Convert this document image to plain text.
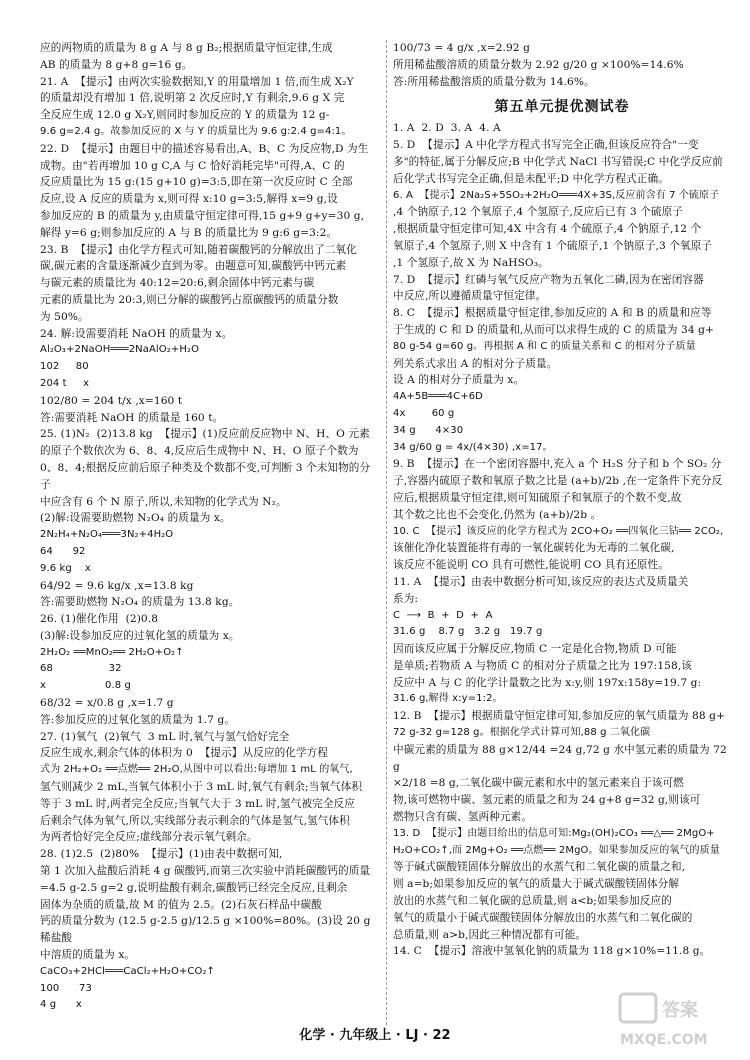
应的两物质的质量为 8 g A 与 8 g B₂;根据质量守恒定律,生成

AB 的质量为 8 g+8 g=16 g。

21. A  【提示】由两次实验数据知,Y 的用量增加 1 倍,而生成 X₂Y

的质量却没有增加 1 倍,说明第 2 次反应时,Y 有剩余,9.6 g X 完

全反应生成 12.0 g X₂Y,则同时参加反应的 Y 的质量为 12 g-

9.6 g=2.4 g。故参加反应的 X 与 Y 的质量比为 9.6 g:2.4 g=4:1。

22. D  【提示】由题目中的描述容易看出,A、B、C 为反应物,D 为生

成物。由"若再增加 10 g C,A 与 C 恰好消耗完毕"可得,A、C 的

反应质量比为 15 g:(15 g+10 g)=3:5,即在第一次反应时 C 全部

反应,设 A 反应的质量为 x,则可得 x:10 g=3:5,解得 x=9 g,设

参加反应的 B 的质量为 y,由质量守恒定律可得,15 g+9 g+y=30 g,

解得 y=6 g;则参加反应的 A 与 B 的质量比为 9 g:6 g=3:2。

23. B  【提示】由化学方程式可知,随着碳酸钙的分解放出了二氧化

碳,碳元素的含量逐渐减少直到为零。由题意可知,碳酸钙中钙元素

与碳元素的质量比为 40:12=20:6,剩余固体中钙元素与碳

元素的质量比为 20:3,则已分解的碳酸钙占原碳酸钙的质量分数

为 50%。

24. 解:设需要消耗 NaOH 的质量为 x。

Al₂O₃+2NaOH═══2NaAlO₂+H₂O

102     80

204 t     x

102/80 = 204 t/x ,x=160 t

答:需要消耗 NaOH 的质量是 160 t。

25. (1)N₂  (2)13.8 kg  【提示】(1)反应前反应物中 N、H、O 元素

的原子个数依次为 6、8、4,反应后生成物中 N、H、O 原子个数为

0、8、4;根据反应前后原子种类及个数都不变,可判断 3 个未知物的分子

中应含有 6 个 N 原子,所以,未知物的化学式为 N₂。

(2)解:设需要助燃物 N₂O₄ 的质量为 x。

2N₂H₄+N₂O₄═══3N₂+4H₂O

64      92

9.6 kg    x

64/92 = 9.6 kg/x ,x=13.8 kg

答:需要助燃物 N₂O₄ 的质量为 13.8 kg。

26. (1)催化作用  (2)0.8

(3)解:设参加反应的过氧化氢的质量为 x。

2H₂O₂ ══MnO₂══ 2H₂O+O₂↑

68                 32

x                  0.8 g

68/32 = x/0.8 g ,x=1.7 g

答:参加反应的过氧化氢的质量为 1.7 g。

27. (1)氧气  (2)氧气  3 mL 时,氧气与氢气恰好完全

反应生成水,剩余气体的体积为 0  【提示】从反应的化学方程

式为 2H₂+O₂ ══点燃══ 2H₂O,从图中可以看出:每增加 1 mL 的氧气,

氢气则减少 2 mL,当氧气体积小于 3 mL 时,氧气有剩余;当氧气体积

等于 3 mL 时,两者完全反应;当氧气大于 3 mL 时,氢气被完全反应

后剩余气体为氧气,所以,实线部分表示剩余的气体是氢气,氢气体积

为两者恰好完全反应;虚线部分表示氧气剩余。

28. (1)2.5  (2)80%  【提示】(1)由表中数据可知,

第 1 次加入盐酸后消耗 4 g 碳酸钙,而第三次实验中消耗碳酸钙的质量

=4.5 g-2.5 g=2 g,说明盐酸有剩余,碳酸钙已经完全反应,且剩余

固体为杂质的质量,故 M 的值为 2.5。(2)石灰石样品中碳酸

钙的质量分数为 (12.5 g-2.5 g)/12.5 g ×100%=80%。(3)设 20 g 稀盐酸

中溶质的质量为 x。

CaCO₃+2HCl═══CaCl₂+H₂O+CO₂↑

100      73

4 g      x

100/73 = 4 g/x ,x=2.92 g

所用稀盐酸溶质的质量分数为 2.92 g/20 g ×100%=14.6%

答:所用稀盐酸溶质的质量分数为 14.6%。

第五单元提优测试卷

1. A  2. D  3. A  4. A

5. D  【提示】A 中化学方程式书写完全正确,但该反应符合"一变

多"的特征,属于分解反应;B 中化学式 NaCl 书写错误;C 中化学反应前

后化学式书写完全正确,但是未配平;D 中化学方程式正确。

6. A  【提示】2Na₂S+5SO₂+2H₂O═══4X+3S,反应前含有 7 个硫原子

,4 个钠原子,12 个氧原子,4 个氢原子,反应后已有 3 个硫原子

,根据质量守恒定律可知,4X 中含有 4 个硫原子,4 个钠原子,12 个

氧原子,4 个氢原子,则 X 中含有 1 个硫原子,1 个钠原子,3 个氧原子

,1 个氢原子,故 X 为 NaHSO₃。

7. D  【提示】红磷与氧气反应产物为五氧化二磷,因为在密闭容器

中反应,所以遵循质量守恒定律。

8. C  【提示】根据质量守恒定律,参加反应的 A 和 B 的质量和应等

于生成的 C 和 D 的质量和,从而可以求得生成的 C 的质量为 34 g+

80 g-54 g=60 g。再根据 A 和 C 的质量关系和 C 的相对分子质量

列关系式求出 A 的相对分子质量。

设 A 的相对分子质量为 x。

4A+5B═══4C+6D

4x        60 g

34 g      4×30

34 g/60 g = 4x/(4×30) ,x=17。

9. B  【提示】在一个密闭容器中,充入 a 个 H₂S 分子和 b 个 SO₂ 分

子,容器内硫原子数和氧原子数之比是 (a+b)/2b ,在一定条件下充分反

应后,根据质量守恒定律,则可知硫原子和氧原子的个数不变,故

其个数之比也不会变化,仍然为 (a+b)/2b 。

10. C  【提示】该反应的化学方程式为 2CO+O₂ ══四氧化三钴══ 2CO₂,

该催化净化装置能将有毒的一氧化碳转化为无毒的二氧化碳,

该反应不能说明 CO 具有可燃性,能说明 CO 具有还原性。

11. A  【提示】由表中数据分析可知,该反应的表达式及质量关

系为:

C  ⟶  B  +  D  +  A

31.6 g    8.7 g   3.2 g   19.7 g

因而该反应属于分解反应,物质 C 一定是化合物,物质 D 可能

是单质;若物质 A 与物质 C 的相对分子质量之比为 197:158,该

反应中 A 与 C 的化学计量数之比为 x:y,则 197x:158y=19.7 g:

31.6 g,解得 x:y=1:2。

12. B  【提示】根据质量守恒定律可知,参加反应的氧气质量为 88 g+

72 g-32 g=128 g。根据化学式计算可知,88 g 二氧化碳

中碳元素的质量为 88 g×12/44 =24 g,72 g 水中氢元素的质量为 72 g

×2/18 =8 g,二氧化碳中碳元素和水中的氢元素来自于该可燃

物,该可燃物中碳、氢元素的质量之和为 24 g+8 g=32 g,则该可

燃物只含有碳、氢两种元素。

13. D  【提示】由题目给出的信息可知:Mg₂(OH)₂CO₃ ══△══ 2MgO+

H₂O+CO₂↑,而 2Mg+O₂ ══点燃══ 2MgO。如果参加反应的氧气的质量

等于碱式碳酸镁固体分解放出的水蒸气和二氧化碳的质量之和,

则 a=b;如果参加反应的氧气的质量大于碱式碳酸镁固体分解

放出的水蒸气和二氧化碳的总质量,则 a<b;如果参加反应的

氧气的质量小于碱式碳酸镁固体分解放出的水蒸气和二氧化碳的

总质量,则 a>b,因此三种情况都有可能。

14. C  【提示】溶液中氢氧化钠的质量为 118 g×10%=11.8 g。

化学 · 九年级上 · LJ · 22
答案
MXQE.COM
